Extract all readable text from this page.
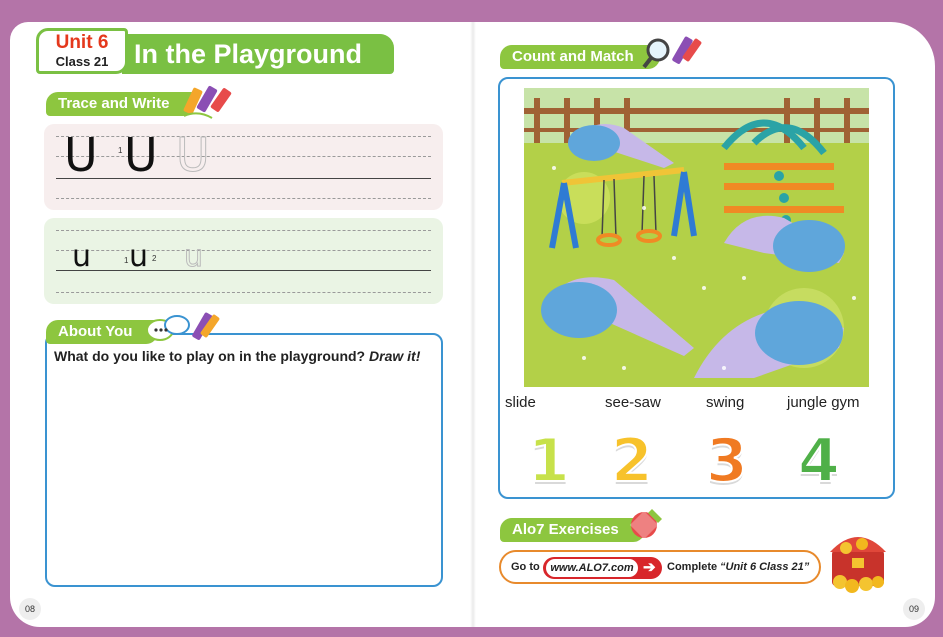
In the Playground
Unit 6
Class 21
Trace and Write
U	1 U U
u	1 u 2 u
About You
What do you like to play on in the playground? Draw it!
Count and Match
slide	see-saw	swing	jungle gym
1 2 3 4
Alo7 Exercises
Go to www.ALO7.com ➔ Complete “Unit 6 Class 21”
08	09
